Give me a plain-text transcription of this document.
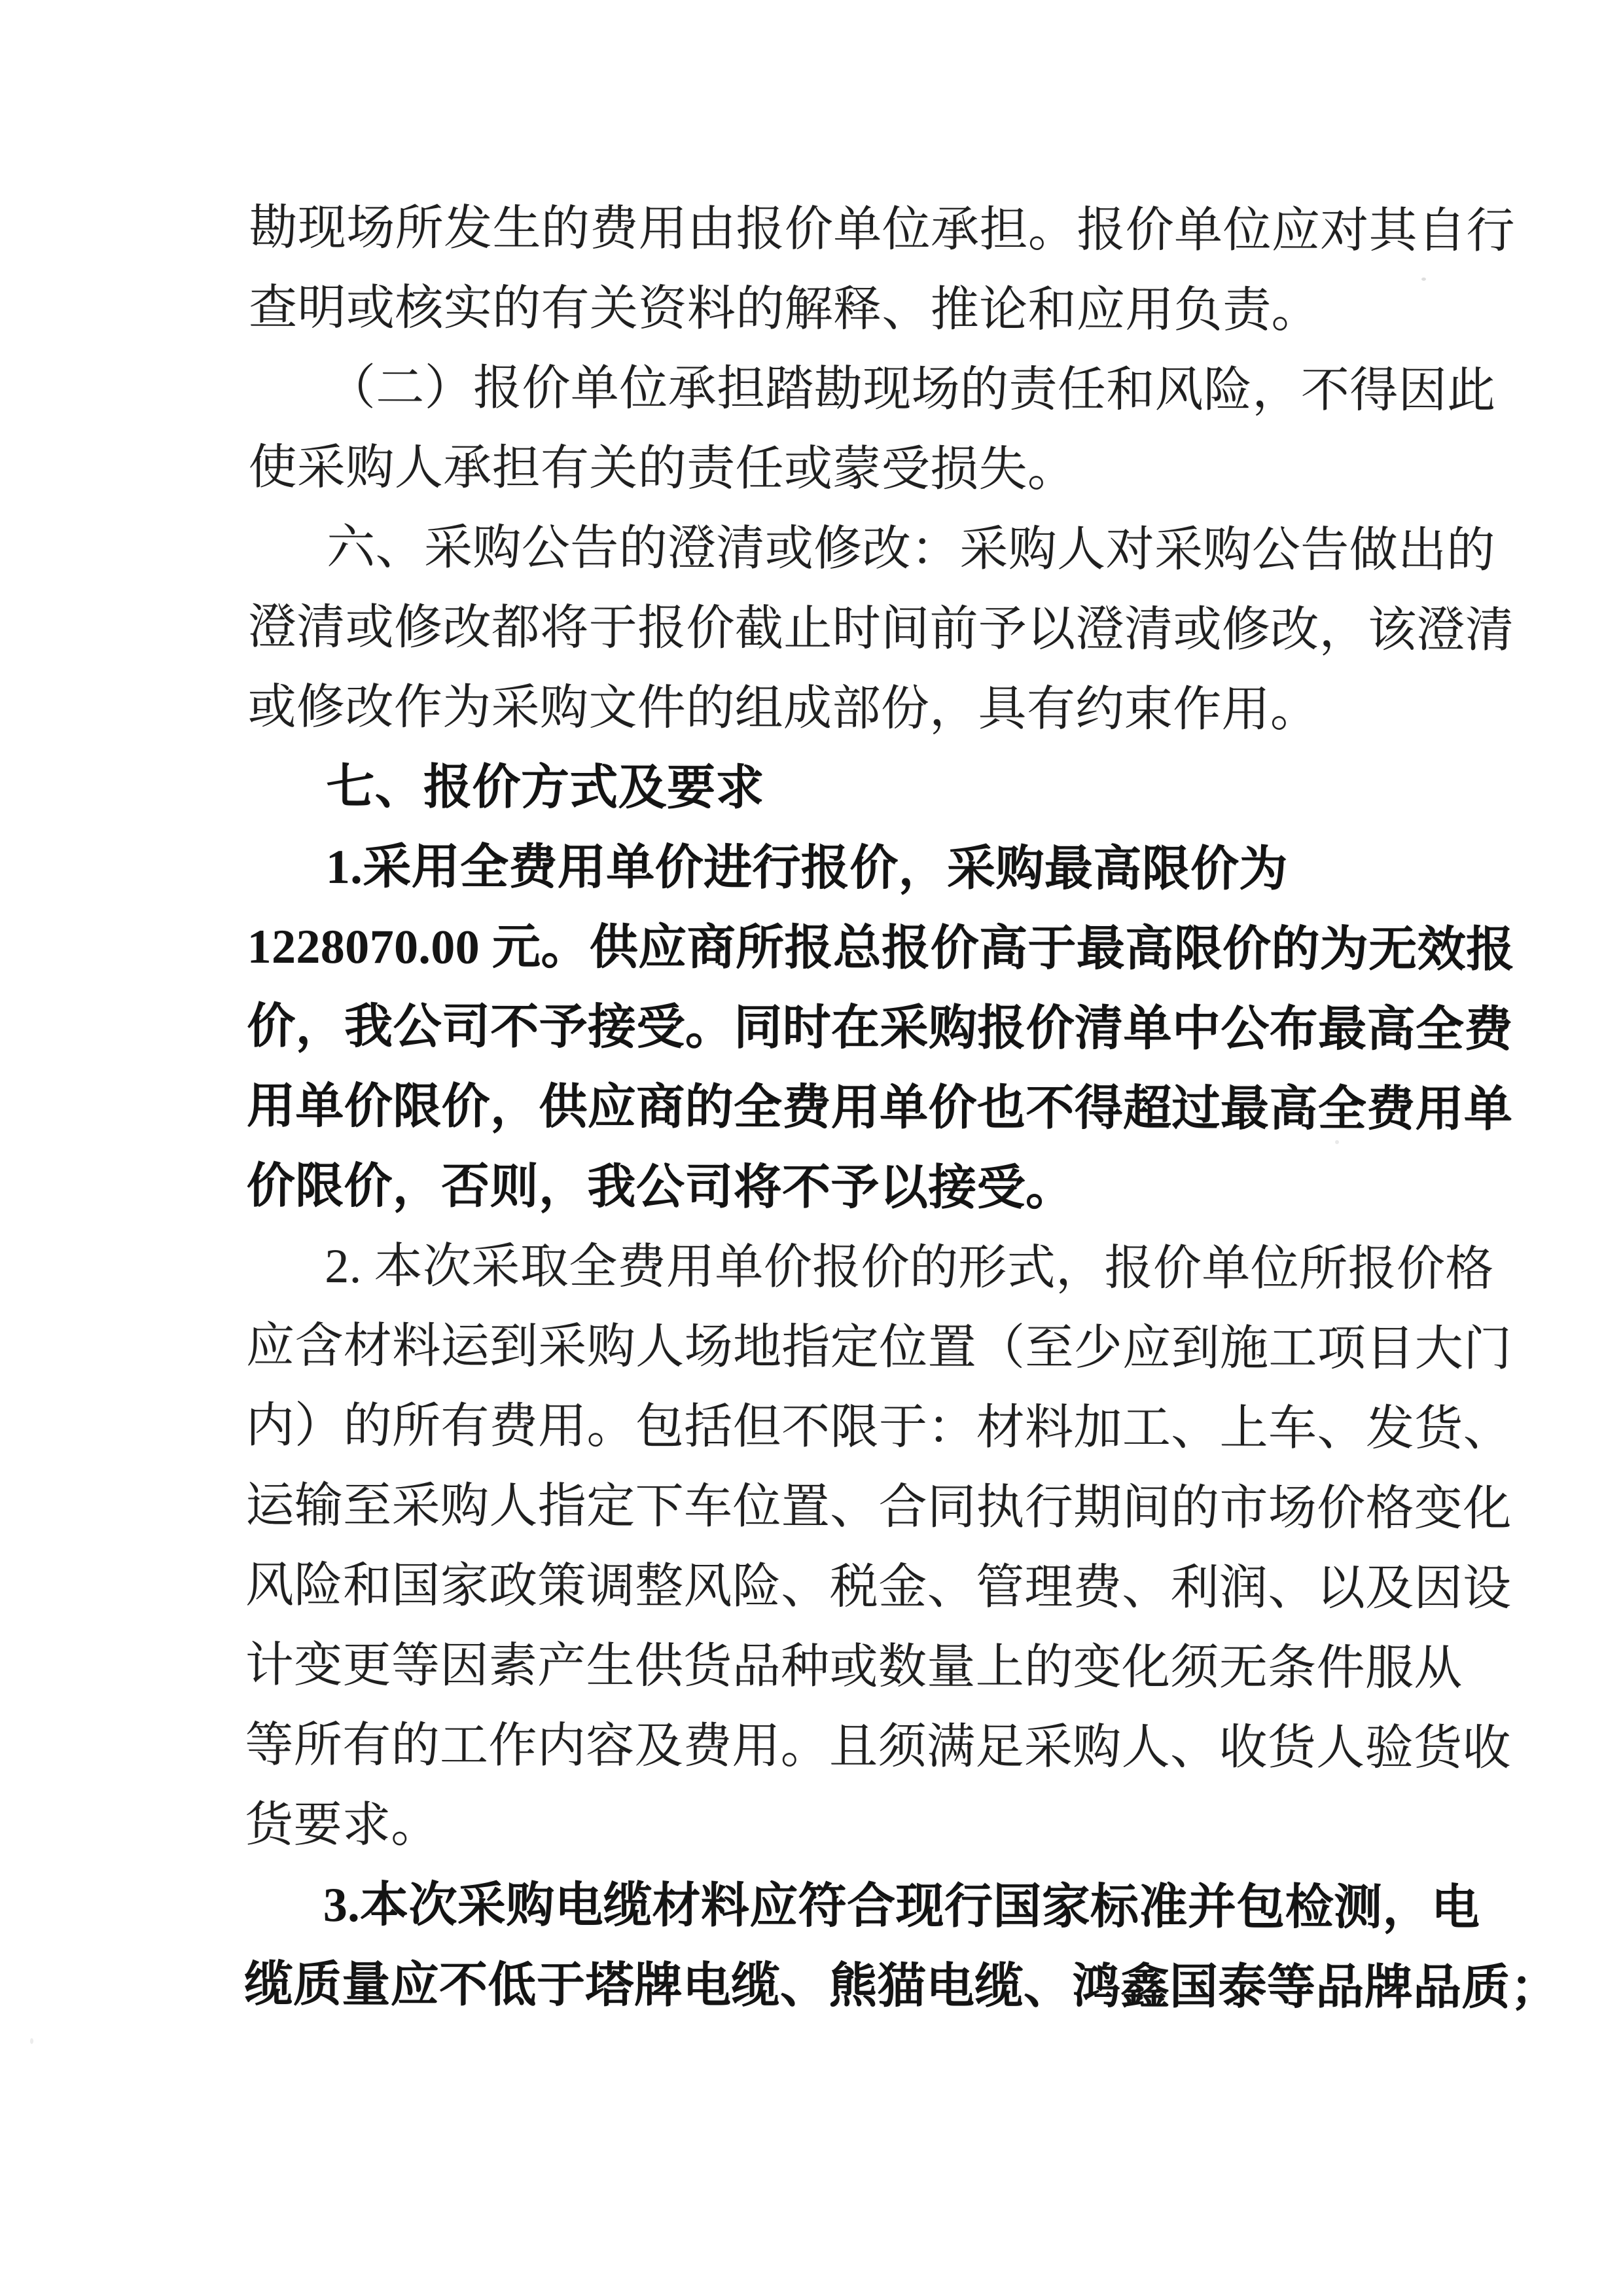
勘现场所发生的费用由报价单位承担。报价单位应对其自行
查明或核实的有关资料的解释、推论和应用负责。
（二）报价单位承担踏勘现场的责任和风险，不得因此
使采购人承担有关的责任或蒙受损失。
六、采购公告的澄清或修改：采购人对采购公告做出的
澄清或修改都将于报价截止时间前予以澄清或修改，该澄清
或修改作为采购文件的组成部份，具有约束作用。
七、报价方式及要求
1.采用全费用单价进行报价，采购最高限价为
1228070.00 元。供应商所报总报价高于最高限价的为无效报
价，我公司不予接受。同时在采购报价清单中公布最高全费
用单价限价，供应商的全费用单价也不得超过最高全费用单
价限价，否则，我公司将不予以接受。
2. 本次采取全费用单价报价的形式，报价单位所报价格
应含材料运到采购人场地指定位置（至少应到施工项目大门
内）的所有费用。包括但不限于：材料加工、上车、发货、
运输至采购人指定下车位置、合同执行期间的市场价格变化
风险和国家政策调整风险、税金、管理费、利润、以及因设
计变更等因素产生供货品种或数量上的变化须无条件服从
等所有的工作内容及费用。且须满足采购人、收货人验货收
货要求。
3.本次采购电缆材料应符合现行国家标准并包检测，电
缆质量应不低于塔牌电缆、熊猫电缆、鸿鑫国泰等品牌品质；
